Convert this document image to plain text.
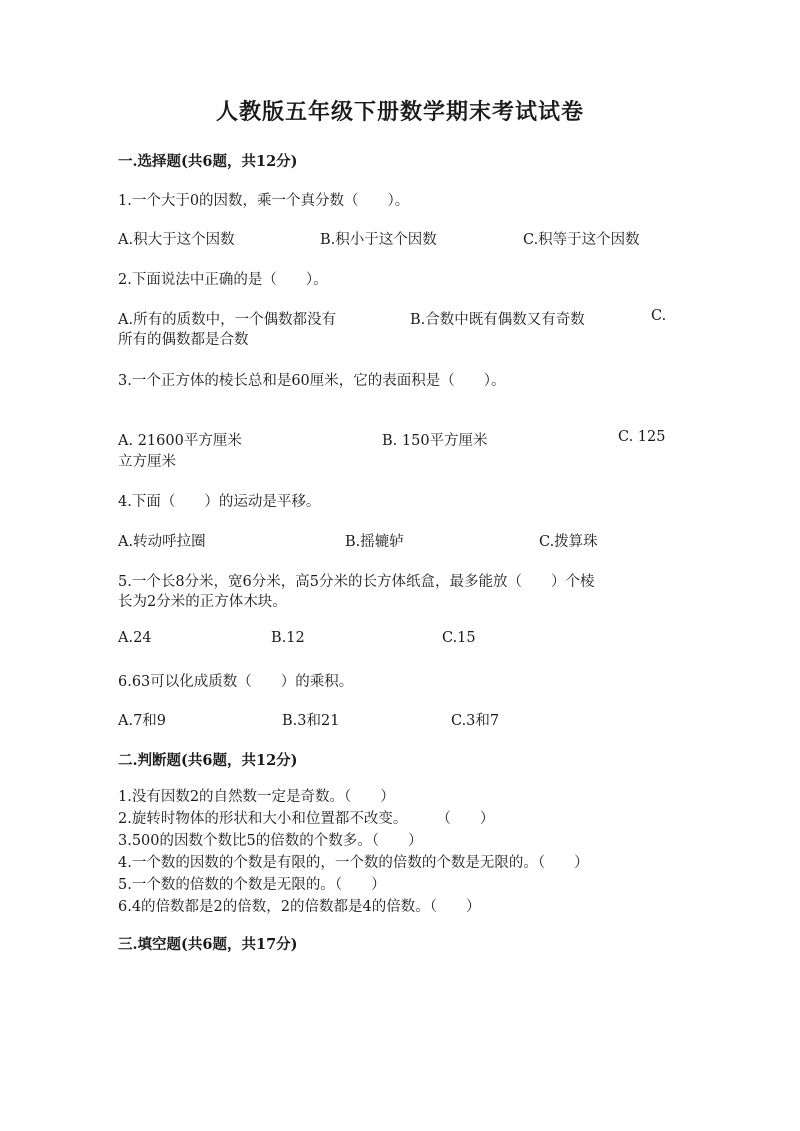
人教版五年级下册数学期末考试试卷
一.选择题(共6题，共12分)
1.一个大于0的因数，乘一个真分数（　　）。
A.积大于这个因数	B.积小于这个因数	C.积等于这个因数
2.下面说法中正确的是（　　）。
A.所有的质数中，一个偶数都没有	B.合数中既有偶数又有奇数	C.
所有的偶数都是合数
3.一个正方体的棱长总和是60厘米，它的表面积是（　　）。
A. 21600平方厘米	B. 150平方厘米	C. 125
立方厘米
4.下面（　　）的运动是平移。
A.转动呼拉圈	B.摇辘轳	C.拨算珠
5.一个长8分米，宽6分米，高5分米的长方体纸盒，最多能放（　　）个棱
长为2分米的正方体木块。
A.24	B.12	C.15
6.63可以化成质数（　　）的乘积。
A.7和9	B.3和21	C.3和7
二.判断题(共6题，共12分)
1.没有因数2的自然数一定是奇数。（　　）
2.旋转时物体的形状和大小和位置都不改变。　　　（　　）
3.500的因数个数比5的倍数的个数多。（　　）
4.一个数的因数的个数是有限的，一个数的倍数的个数是无限的。（　　）
5.一个数的倍数的个数是无限的。（　　）
6.4的倍数都是2的倍数，2的倍数都是4的倍数。（　　）
三.填空题(共6题，共17分)
